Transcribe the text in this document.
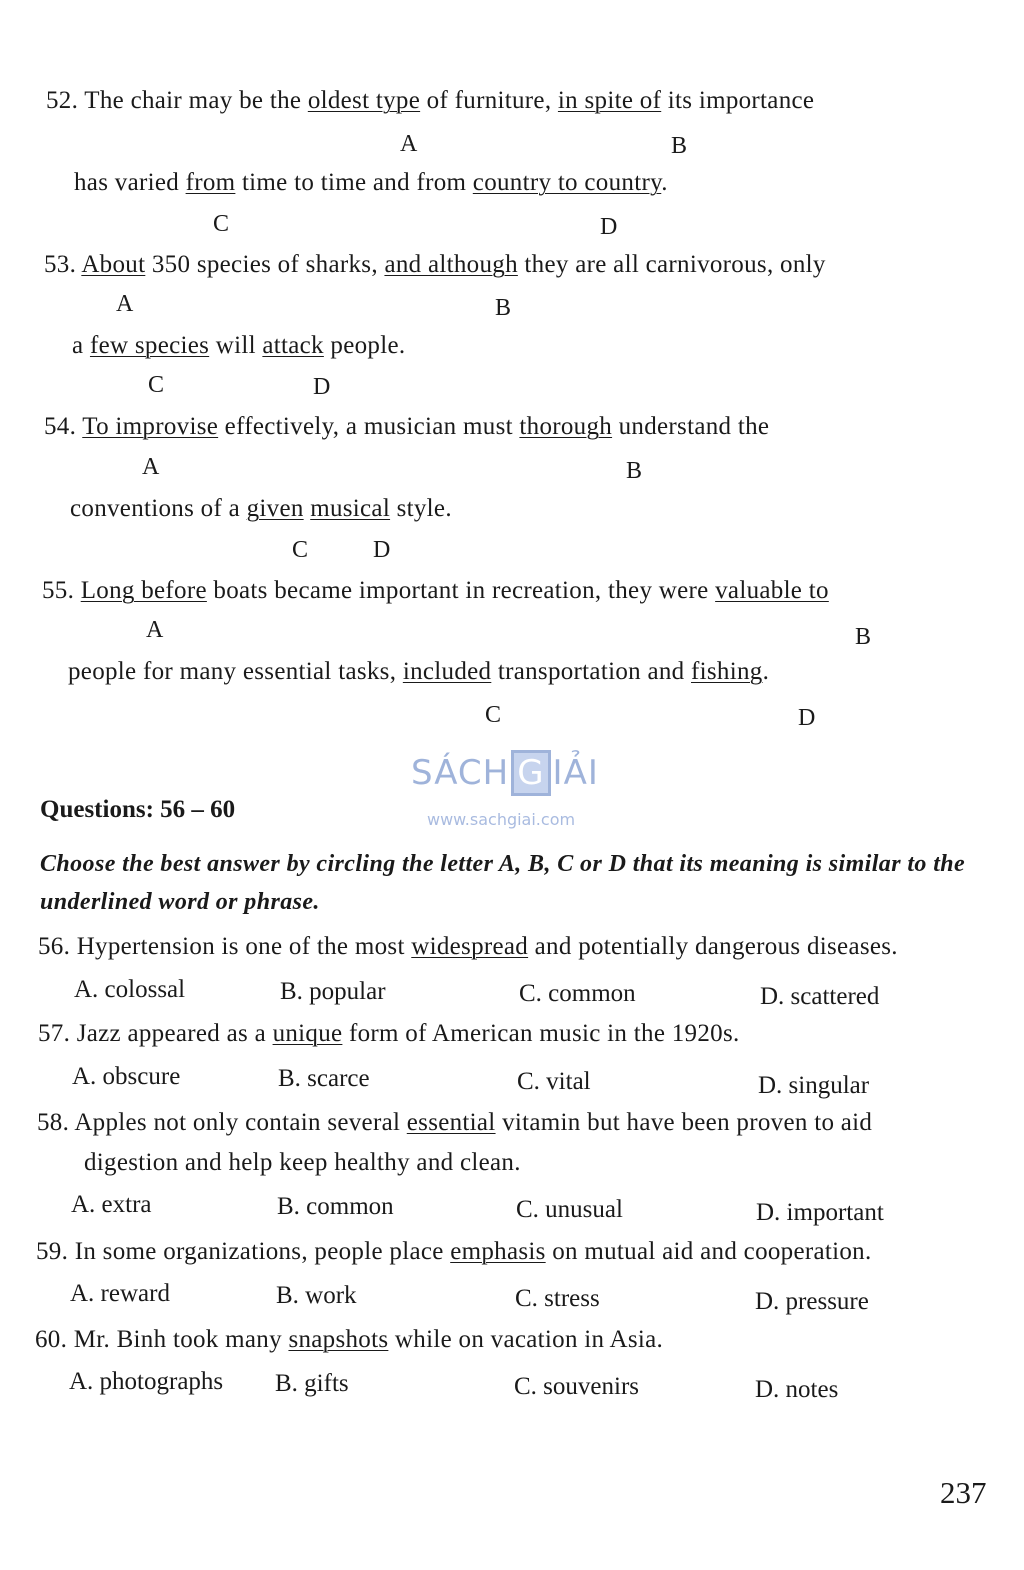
52. The chair may be the oldest type of furniture, in spite of its importance
A	B
has varied from time to time and from country to country.
C	D
53. About 350 species of sharks, and although they are all carnivorous, only
A	B
a few species will attack people.
C	D
54. To improvise effectively, a musician must thorough understand the
A	B
conventions of a given musical style.
C	D
55. Long before boats became important in recreation, they were valuable to
A	B
people for many essential tasks, included transportation and fishing.
C	D
SÁCH G IẢI
www.sachgiai.com
Questions: 56 – 60
Choose the best answer by circling the letter A, B, C or D that its meaning is similar to the underlined word or phrase.
56. Hypertension is one of the most widespread and potentially dangerous diseases.
A. colossal	B. popular	C. common	D. scattered
57. Jazz appeared as a unique form of American music in the 1920s.
A. obscure	B. scarce	C. vital	D. singular
58. Apples not only contain several essential vitamin but have been proven to aid
digestion and help keep healthy and clean.
A. extra	B. common	C. unusual	D. important
59. In some organizations, people place emphasis on mutual aid and cooperation.
A. reward	B. work	C. stress	D. pressure
60. Mr. Binh took many snapshots while on vacation in Asia.
A. photographs B. gifts	C. souvenirs	D. notes
237
